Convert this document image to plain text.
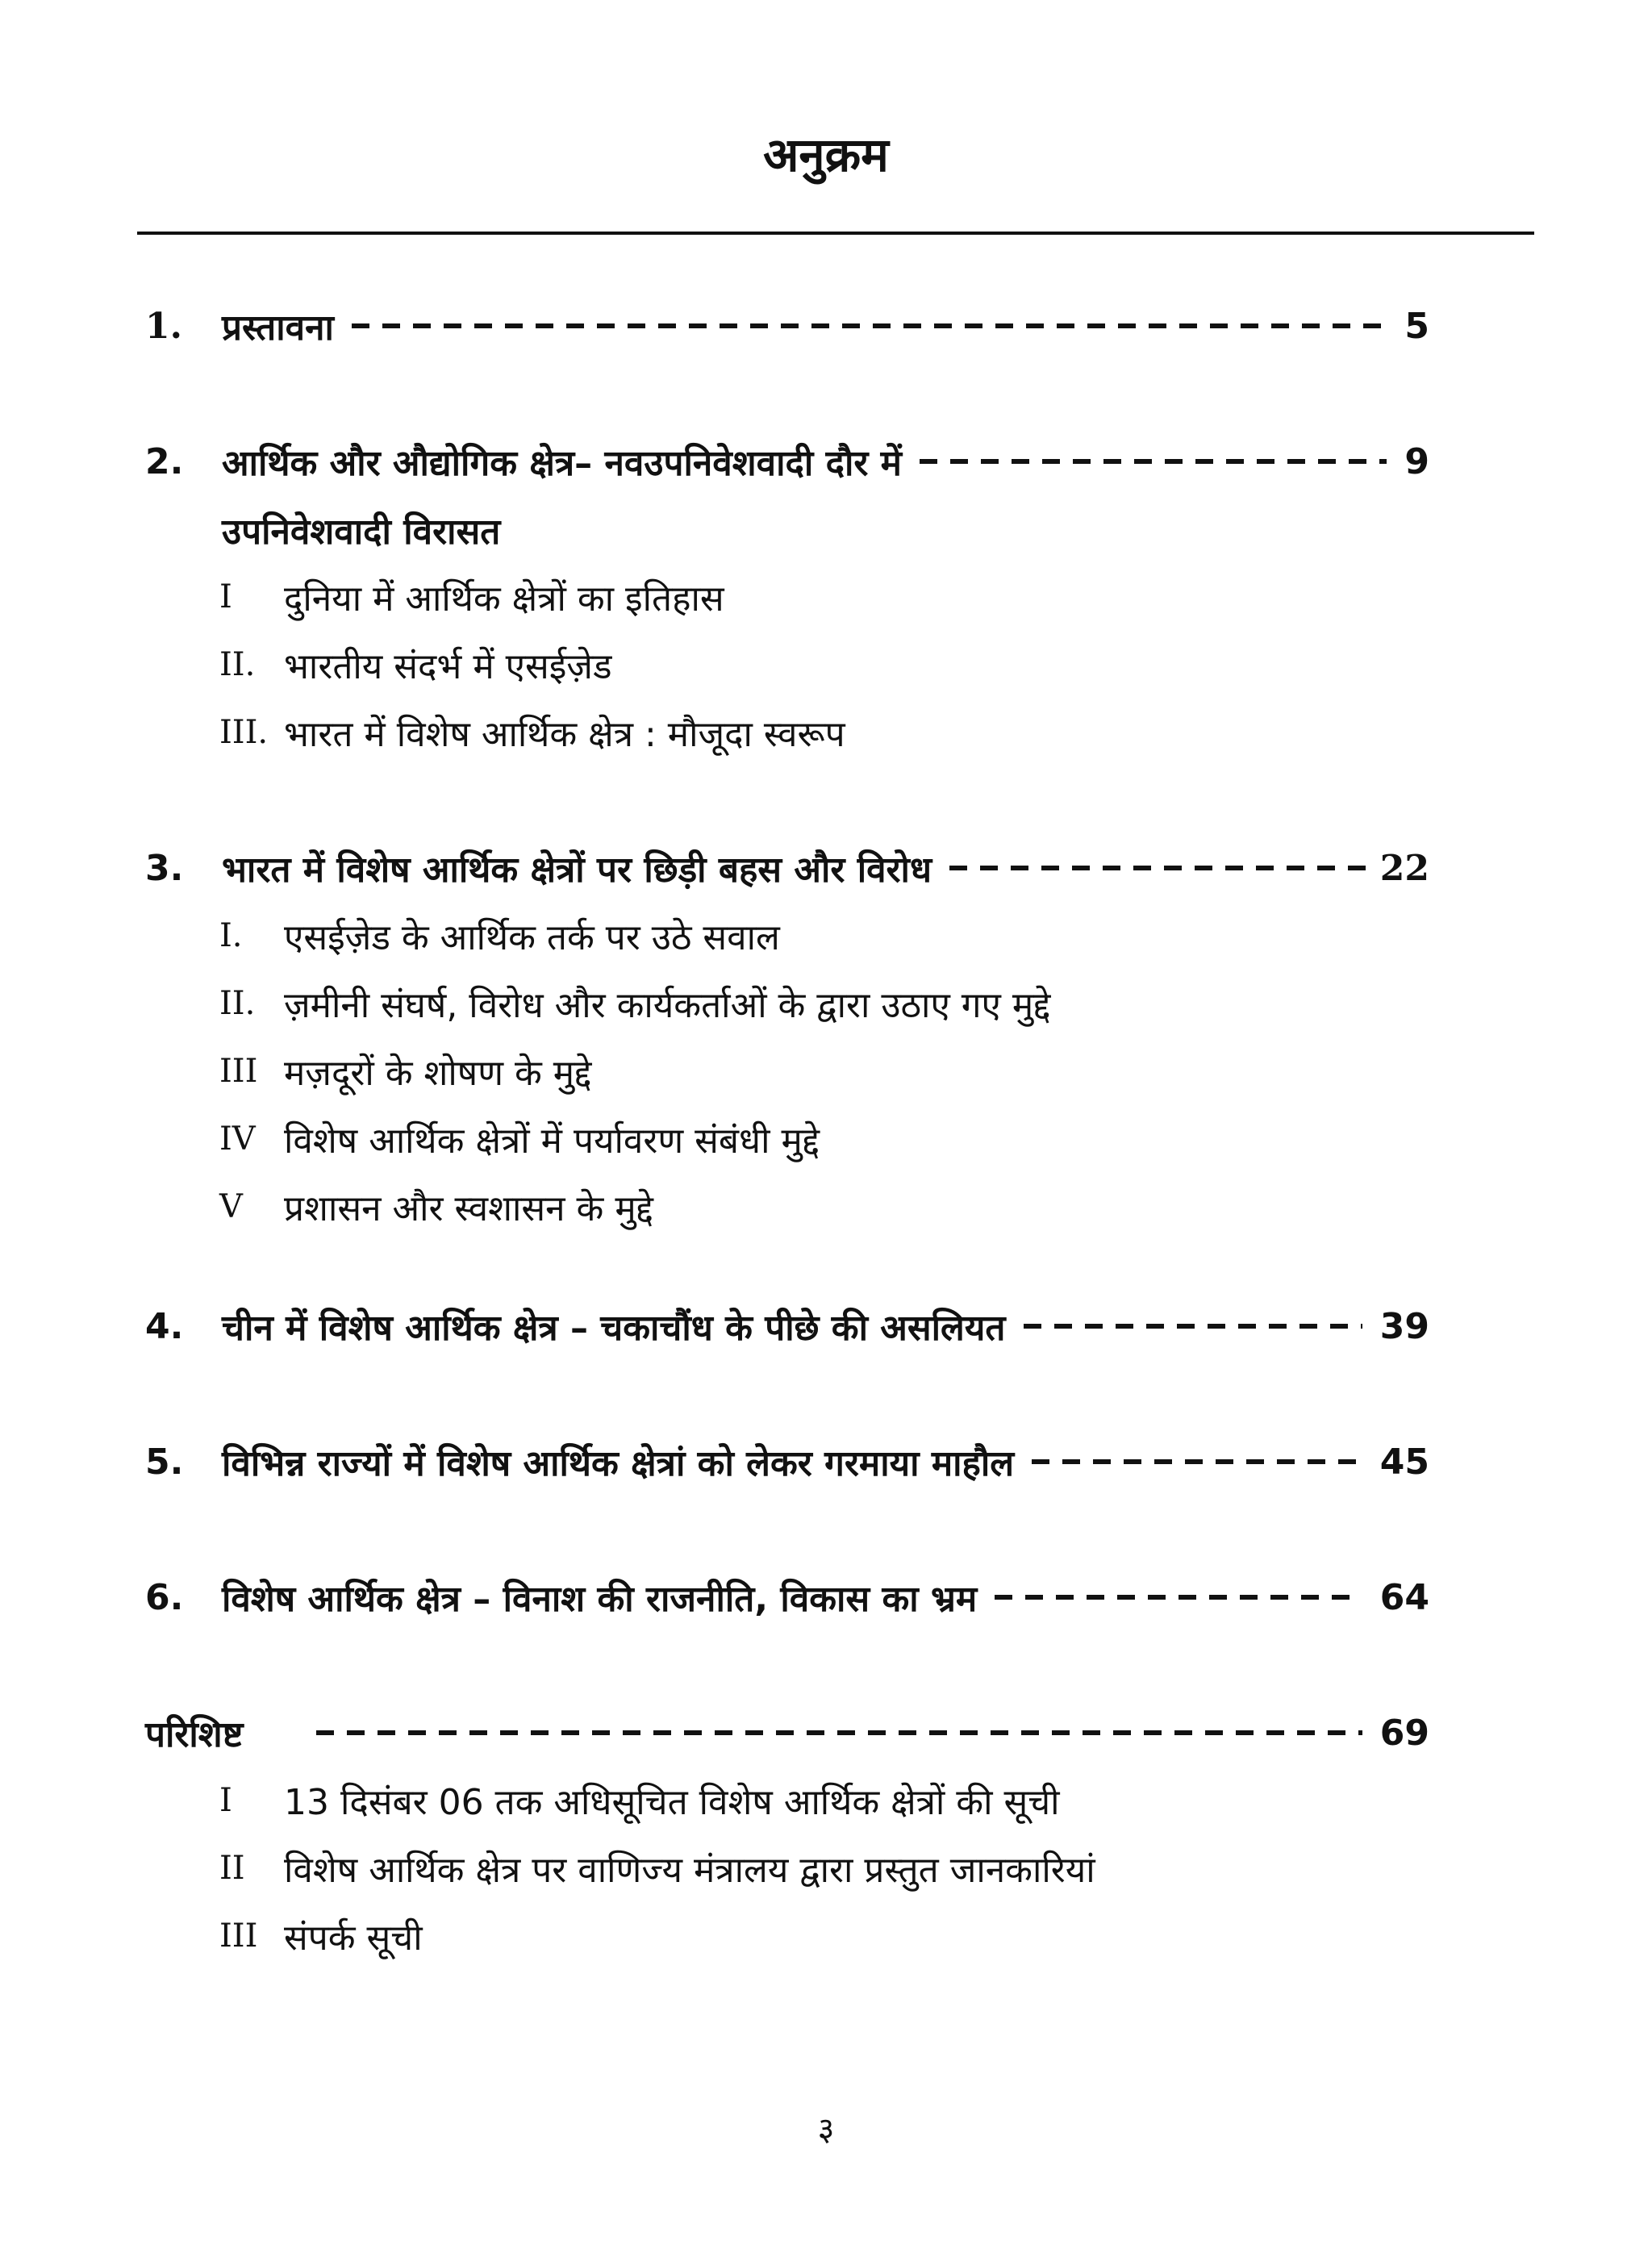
अनुक्रम
1.	प्रस्तावना	5
2.	आर्थिक और औद्योगिक क्षेत्र– नवउपनिवेशवादी दौर में	9
उपनिवेशवादी विरासत
I	दुनिया में आर्थिक क्षेत्रों का इतिहास
II. भारतीय संदर्भ में एसईज़ेड
III. भारत में विशेष आर्थिक क्षेत्र : मौजूदा स्वरूप
3.	भारत में विशेष आर्थिक क्षेत्रों पर छिड़ी बहस और विरोध	22
I.	एसईज़ेड के आर्थिक तर्क पर उठे सवाल
II. ज़मीनी संघर्ष, विरोध और कार्यकर्ताओं के द्वारा उठाए गए मुद्दे
III मज़दूरों के शोषण के मुद्दे
IV विशेष आर्थिक क्षेत्रों में पर्यावरण संबंधी मुद्दे
V	प्रशासन और स्वशासन के मुद्दे
4.	चीन में विशेष आर्थिक क्षेत्र – चकाचौंध के पीछे की असलियत	39
5.	विभिन्न राज्यों में विशेष आर्थिक क्षेत्रां को लेकर गरमाया माहौल	45
6.	विशेष आर्थिक क्षेत्र – विनाश की राजनीति, विकास का भ्रम	64
परिशिष्ट	69
I	13 दिसंबर 06 तक अधिसूचित विशेष आर्थिक क्षेत्रों की सूची
II	विशेष आर्थिक क्षेत्र पर वाणिज्य मंत्रालय द्वारा प्रस्तुत जानकारियां
III संपर्क सूची
३
